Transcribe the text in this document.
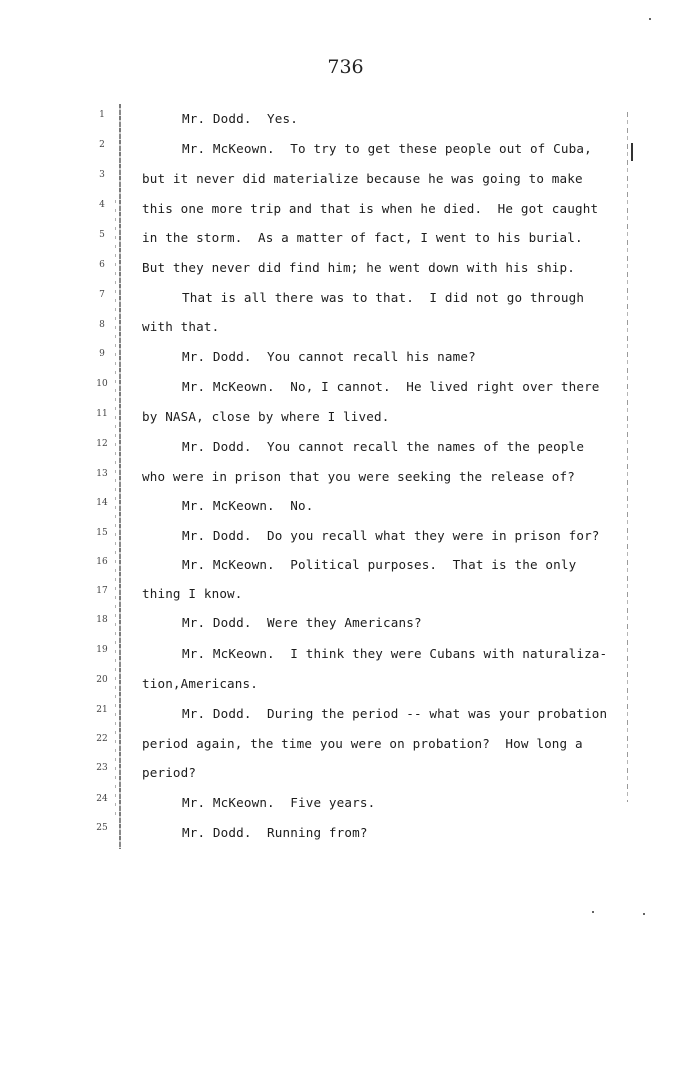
736
1
2
3
4
5
6
7
8
9
10
11
12
13
14
15
16
17
18
19
20
21
22
23
24
25
Mr. Dodd.  Yes.
Mr. McKeown.  To try to get these people out of Cuba,
but it never did materialize because he was going to make
this one more trip and that is when he died.  He got caught
in the storm.  As a matter of fact, I went to his burial.
But they never did find him; he went down with his ship.
That is all there was to that.  I did not go through
with that.
Mr. Dodd.  You cannot recall his name?
Mr. McKeown.  No, I cannot.  He lived right over there
by NASA, close by where I lived.
Mr. Dodd.  You cannot recall the names of the people
who were in prison that you were seeking the release of?
Mr. McKeown.  No.
Mr. Dodd.  Do you recall what they were in prison for?
Mr. McKeown.  Political purposes.  That is the only
thing I know.
Mr. Dodd.  Were they Americans?
Mr. McKeown.  I think they were Cubans with naturaliza-
tion,Americans.
Mr. Dodd.  During the period -- what was your probation
period again, the time you were on probation?  How long a
period?
Mr. McKeown.  Five years.
Mr. Dodd.  Running from?
